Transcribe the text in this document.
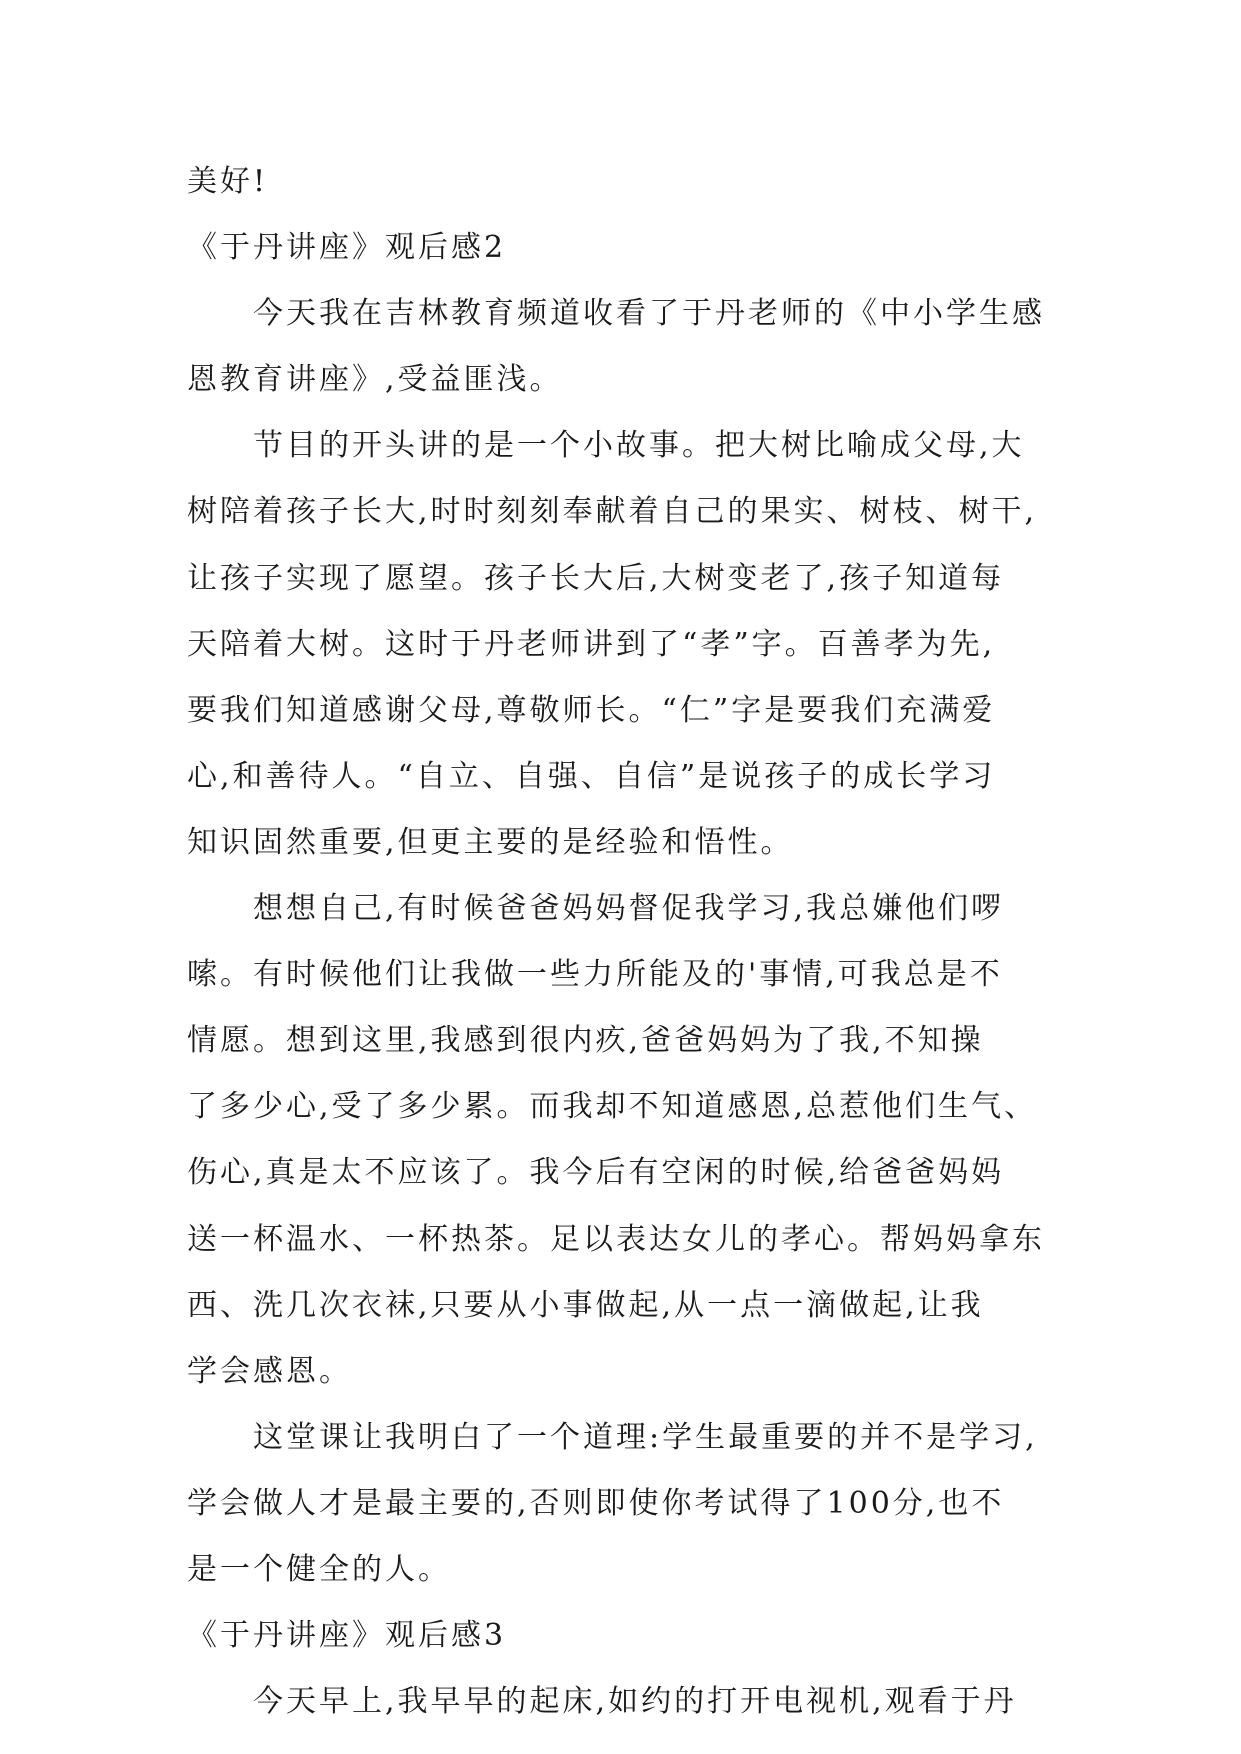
美好!
《于丹讲座》观后感2
今天我在吉林教育频道收看了于丹老师的《中小学生感
恩教育讲座》,受益匪浅。
节目的开头讲的是一个小故事。把大树比喻成父母,大
树陪着孩子长大,时时刻刻奉献着自己的果实、树枝、树干,
让孩子实现了愿望。孩子长大后,大树变老了,孩子知道每
天陪着大树。这时于丹老师讲到了“孝”字。百善孝为先,
要我们知道感谢父母,尊敬师长。“仁”字是要我们充满爱
心,和善待人。“自立、自强、自信”是说孩子的成长学习
知识固然重要,但更主要的是经验和悟性。
想想自己,有时候爸爸妈妈督促我学习,我总嫌他们啰
嗦。有时候他们让我做一些力所能及的'事情,可我总是不
情愿。想到这里,我感到很内疚,爸爸妈妈为了我,不知操
了多少心,受了多少累。而我却不知道感恩,总惹他们生气、
伤心,真是太不应该了。我今后有空闲的时候,给爸爸妈妈
送一杯温水、一杯热茶。足以表达女儿的孝心。帮妈妈拿东
西、洗几次衣袜,只要从小事做起,从一点一滴做起,让我
学会感恩。
这堂课让我明白了一个道理:学生最重要的并不是学习,
学会做人才是最主要的,否则即使你考试得了100分,也不
是一个健全的人。
《于丹讲座》观后感3
今天早上,我早早的起床,如约的打开电视机,观看于丹
